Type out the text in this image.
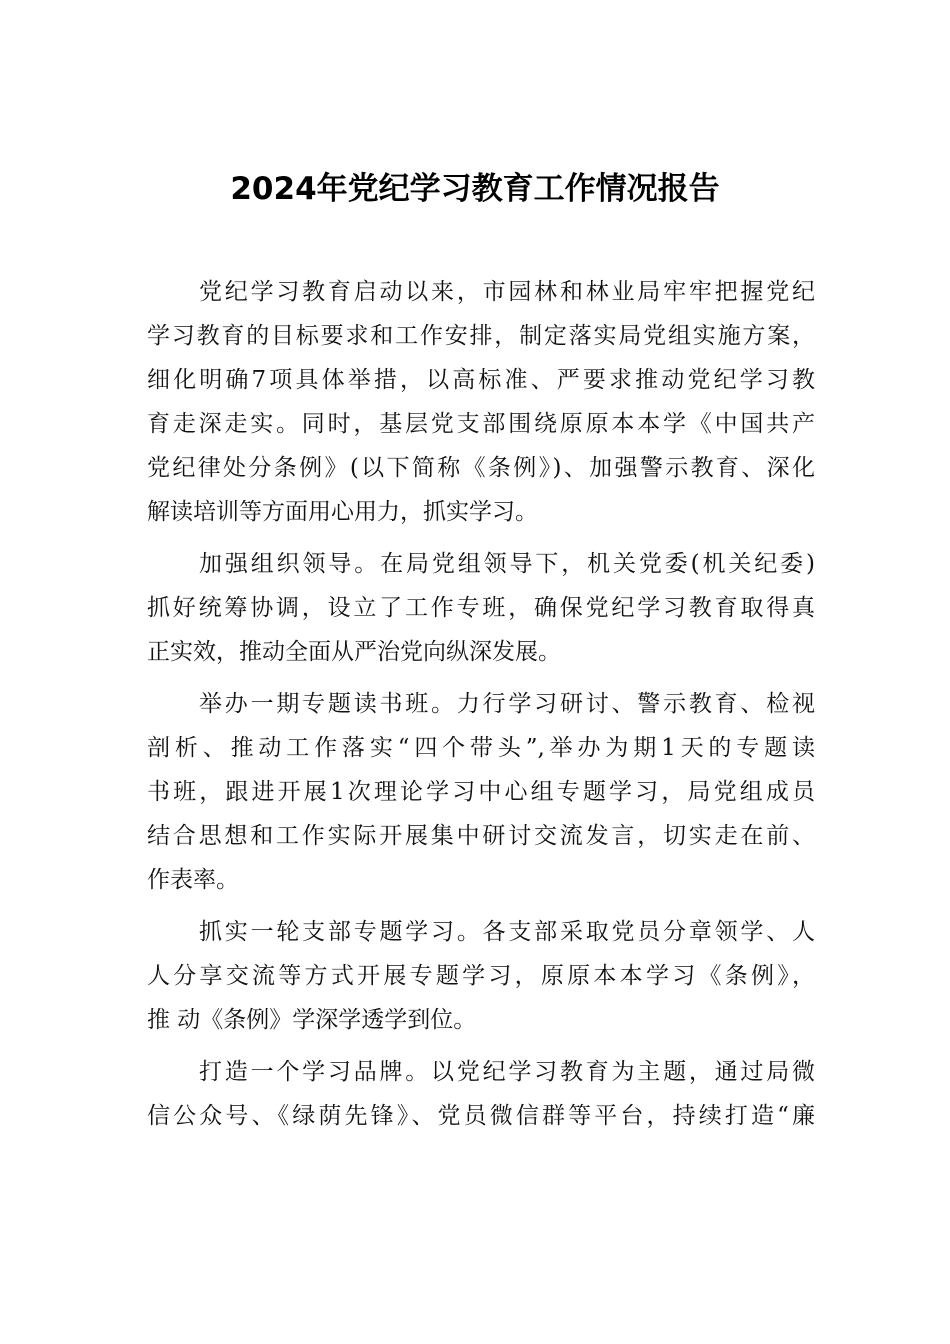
2024年党纪学习教育工作情况报告
党纪学习教育启动以来，市园林和林业局牢牢把握党纪
学习教育的目标要求和工作安排，制定落实局党组实施方案，
细化明确7项具体举措，以高标准、严要求推动党纪学习教
育走深走实。同时，基层党支部围绕原原本本学《中国共产
党纪律处分条例》(以下简称《条例》)、加强警示教育、深化
解读培训等方面用心用力，抓实学习。
加强组织领导。在局党组领导下，机关党委(机关纪委)
抓好统筹协调，设立了工作专班，确保党纪学习教育取得真
正实效，推动全面从严治党向纵深发展。
举办一期专题读书班。力行学习研讨、警示教育、检视
剖析、推动工作落实“四个带头”,举办为期1天的专题读
书班，跟进开展1次理论学习中心组专题学习，局党组成员
结合思想和工作实际开展集中研讨交流发言，切实走在前、
作表率。
抓实一轮支部专题学习。各支部采取党员分章领学、人
人分享交流等方式开展专题学习，原原本本学习《条例》，
推 动《条例》学深学透学到位。
打造一个学习品牌。以党纪学习教育为主题，通过局微
信公众号、《绿荫先锋》、党员微信群等平台，持续打造“廉
